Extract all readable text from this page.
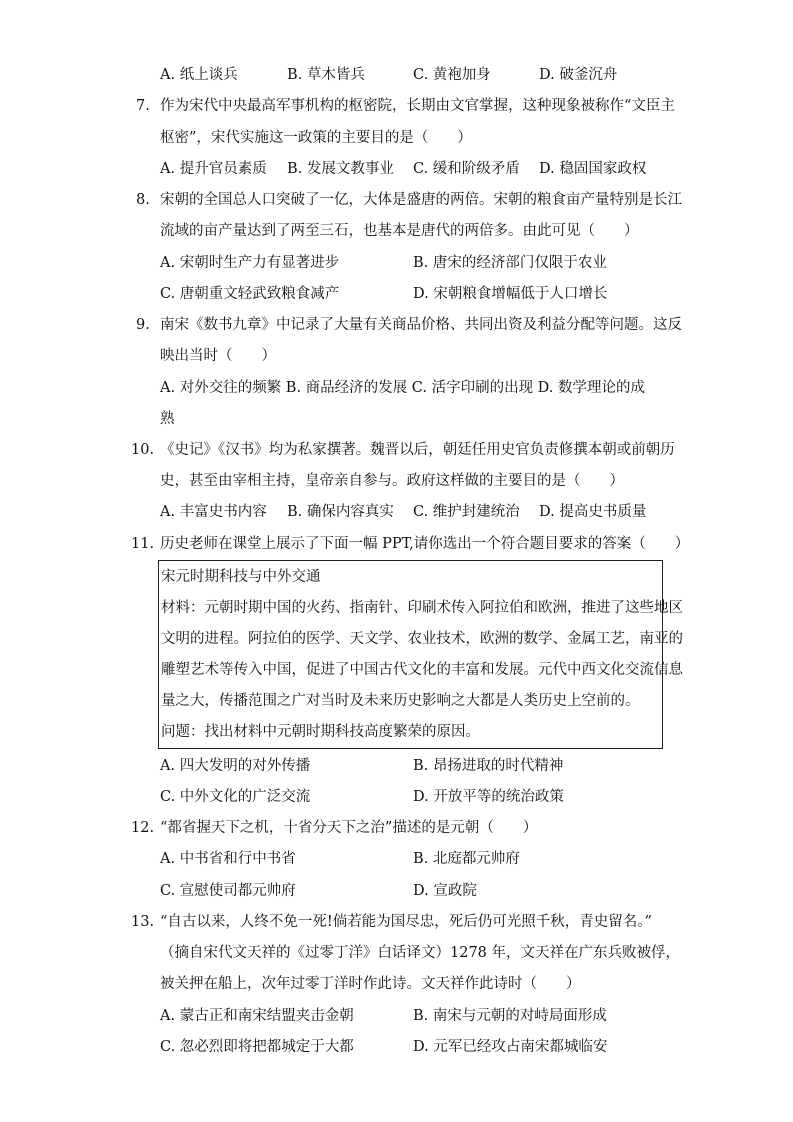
A. 纸上谈兵	B. 草木皆兵	C. 黄袍加身	D. 破釜沉舟
7. 作为宋代中央最高军事机构的枢密院，长期由文官掌握，这种现象被称作“文臣主
枢密”，宋代实施这一政策的主要目的是（　　）
A. 提升官员素质 B. 发展文教事业 C. 缓和阶级矛盾 D. 稳固国家政权
8. 宋朝的全国总人口突破了一亿，大体是盛唐的两倍。宋朝的粮食亩产量特别是长江
流域的亩产量达到了两至三石，也基本是唐代的两倍多。由此可见（　　）
A. 宋朝时生产力有显著进步	B. 唐宋的经济部门仅限于农业
C. 唐朝重文轻武致粮食减产	D. 宋朝粮食增幅低于人口增长
9. 南宋《数书九章》中记录了大量有关商品价格、共同出资及利益分配等问题。这反
映出当时（　　）
A. 对外交往的频繁 B. 商品经济的发展 C. 活字印刷的出现 D. 数学理论的成
熟
10. 《史记》《汉书》均为私家撰著。魏晋以后，朝廷任用史官负责修撰本朝或前朝历
史，甚至由宰相主持，皇帝亲自参与。政府这样做的主要目的是（　　）
A. 丰富史书内容 B. 确保内容真实 C. 维护封建统治 D. 提高史书质量
11. 历史老师在课堂上展示了下面一幅 PPT,请你选出一个符合题目要求的答案（　　）
宋元时期科技与中外交通
材料：元朝时期中国的火药、指南针、印刷术传入阿拉伯和欧洲，推进了这些地区
文明的进程。阿拉伯的医学、天文学、农业技术，欧洲的数学、金属工艺，南亚的
雕塑艺术等传入中国，促进了中国古代文化的丰富和发展。元代中西文化交流信息
量之大，传播范围之广对当时及未来历史影响之大都是人类历史上空前的。
问题：找出材料中元朝时期科技高度繁荣的原因。
A. 四大发明的对外传播	B. 昂扬进取的时代精神
C. 中外文化的广泛交流	D. 开放平等的统治政策
12. “都省握天下之机，十省分天下之治”描述的是元朝（　　）
A. 中书省和行中书省	B. 北庭都元帅府
C. 宣慰使司都元帅府	D. 宣政院
13. “自古以来，人终不免一死!倘若能为国尽忠，死后仍可光照千秋，青史留名。”
（摘自宋代文天祥的《过零丁洋》白话译文）1278 年，文天祥在广东兵败被俘，
被关押在船上，次年过零丁洋时作此诗。文天祥作此诗时（　　）
A. 蒙古正和南宋结盟夹击金朝	B. 南宋与元朝的对峙局面形成
C. 忽必烈即将把都城定于大都	D. 元军已经攻占南宋都城临安
